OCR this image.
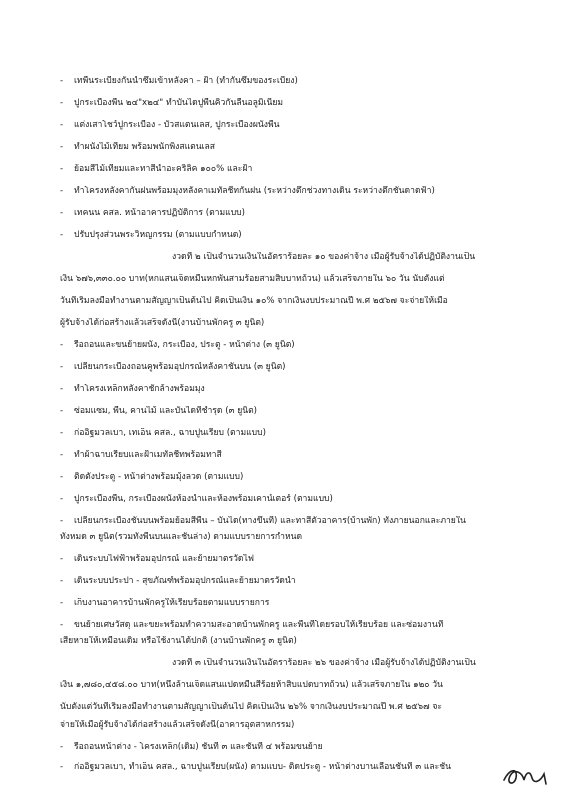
- เทพื้นระเบียงกันน้ำซึมเข้าหลังคา – ฝ้า (ทำกันซึมของระเบียง)
- ปูกระเบื้องพื้น ๒๔"x๒๔" ทำบันไดปูพื้นคิ้วกันลื่นอลูมิเนียม
- แต่งเสาโชว์ปูกระเบื้อง - บัวสแตนเลส, ปูกระเบื้องผนังพื้น
- ทำผนังไม้เทียม พร้อมพนักพิงสแตนเลส
- ย้อมสีไม้เทียมและทาสีน้ำอะคริลิค ๑๐๐% และฝ้า
- ทำโครงหลังคากันฝนพร้อมมุงหลังคาเมทัลชีทกันฝน (ระหว่างตึกช่วงทางเดิน ระหว่างตึกชั้นดาดฟ้า)
- เทคนน คสล. หน้าอาคารปฏิบัติการ (ตามแบบ)
- ปรับปรุงส่วนพระวิหญกรรม (ตามแบบกำหนด)
งวดที่ ๒ เป็นจำนวนเงินในอัตราร้อยละ ๑๐ ของค่าจ้าง เมื่อผู้รับจ้างได้ปฏิบัติงานเป็น
เงิน ๖๗๖,๓๓๐.๐๐ บาท(หกแสนเจ็ดหมื่นหกพันสามร้อยสามสิบบาทถ้วน) แล้วเสร็จภายใน ๖๐ วัน นับตั้งแต่
วันที่เริ่มลงมือทำงานตามสัญญาเป็นต้นไป คิดเป็นเงิน ๑๐% จากเงินงบประมาณปี พ.ศ ๒๕๖๗ จะจ่ายให้เมื่อ
ผู้รับจ้างได้ก่อสร้างแล้วเสร็จดังนี้(งานบ้านพักครู ๓ ยูนิต)
- รื้อถอนและขนย้ายผนัง, กระเบื้อง, ประตู - หน้าต่าง (๓ ยูนิต)
- เปลี่ยนกระเบื้องถอนคูพร้อมอุปกรณ์หลังคาชั้นบน (๓ ยูนิต)
- ทำโครงเหล็กหลังคาชักล้างพร้อมมุง
- ซ่อมแซม, พื้น, คานไม้ และบันไดที่ชำรุด (๓ ยูนิต)
- ก่ออิฐมวลเบา, เทเอ็น คสล., ฉาบปูนเรียบ (ตามแบบ)
- ทำผ้าฉาบเรียบและฝ้าเมทัลชีทพร้อมทาสี
- ติดตั้งประตู - หน้าต่างพร้อมมุ้งลวด (ตามแบบ)
- ปูกระเบื้องพื้น, กระเบื้องผนังห้องน้ำและห้องพร้อมเคาน์เตอร์ (ตามแบบ)
- เปลี่ยนกระเบื้องชั้นบนพร้อมย้อมสีพื้น – บันได(ทางขึ้นที่) และทาสีตัวอาคาร(บ้านพัก) ทั้งภายนอกและภายใน
ทั้งหมด ๓ ยูนิต(รวมทั้งพื้นบนและชั้นล่าง) ตามแบบรายการกำหนด
- เดินระบบไฟฟ้าพร้อมอุปกรณ์ และย้ายมาตรวัดไฟ
- เดินระบบประปา - สุขภัณฑ์พร้อมอุปกรณ์และย้ายมาตรวัดน้ำ
- เก็บงานอาคารบ้านพักครูให้เรียบร้อยตามแบบรายการ
- ขนย้ายเศษวัสดุ และขยะพร้อมทำความสะอาดบ้านพักครู และพื้นที่โดยรอบให้เรียบร้อย และซ่อมงานที่
เสียหายให้เหมือนเดิม หรือใช้งานได้ปกติ (งานบ้านพักครู ๓ ยูนิต)
งวดที่ ๓ เป็นจำนวนเงินในอัตราร้อยละ ๒๖ ของค่าจ้าง เมื่อผู้รับจ้างได้ปฏิบัติงานเป็น
เงิน ๑,๗๘๐,๔๕๘.๐๐ บาท(หนึ่งล้านเจ็ดแสนแปดหมื่นสี่ร้อยห้าสิบแปดบาทถ้วน) แล้วเสร็จภายใน ๑๒๐ วัน
นับตั้งแต่วันที่เริ่มลงมือทำงานตามสัญญาเป็นต้นไป คิดเป็นเงิน ๒๖% จากเงินงบประมาณปี พ.ศ ๒๕๖๗ จะ
จ่ายให้เมื่อผู้รับจ้างได้ก่อสร้างแล้วเสร็จดังนี้(อาคารอุตสาหกรรม)
- รื้อถอนหน้าต่าง - โครงเหล็ก(เดิม) ชั้นที่ ๓ และชั้นที่ ๔ พร้อมขนย้าย
- ก่ออิฐมวลเบา, ทำเอ็น คสล., ฉาบปูนเรียบ(ผนัง) ตามแบบ- ติดประตู - หน้าต่างบานเลื่อนชั้นที่ ๓ และชั้น
